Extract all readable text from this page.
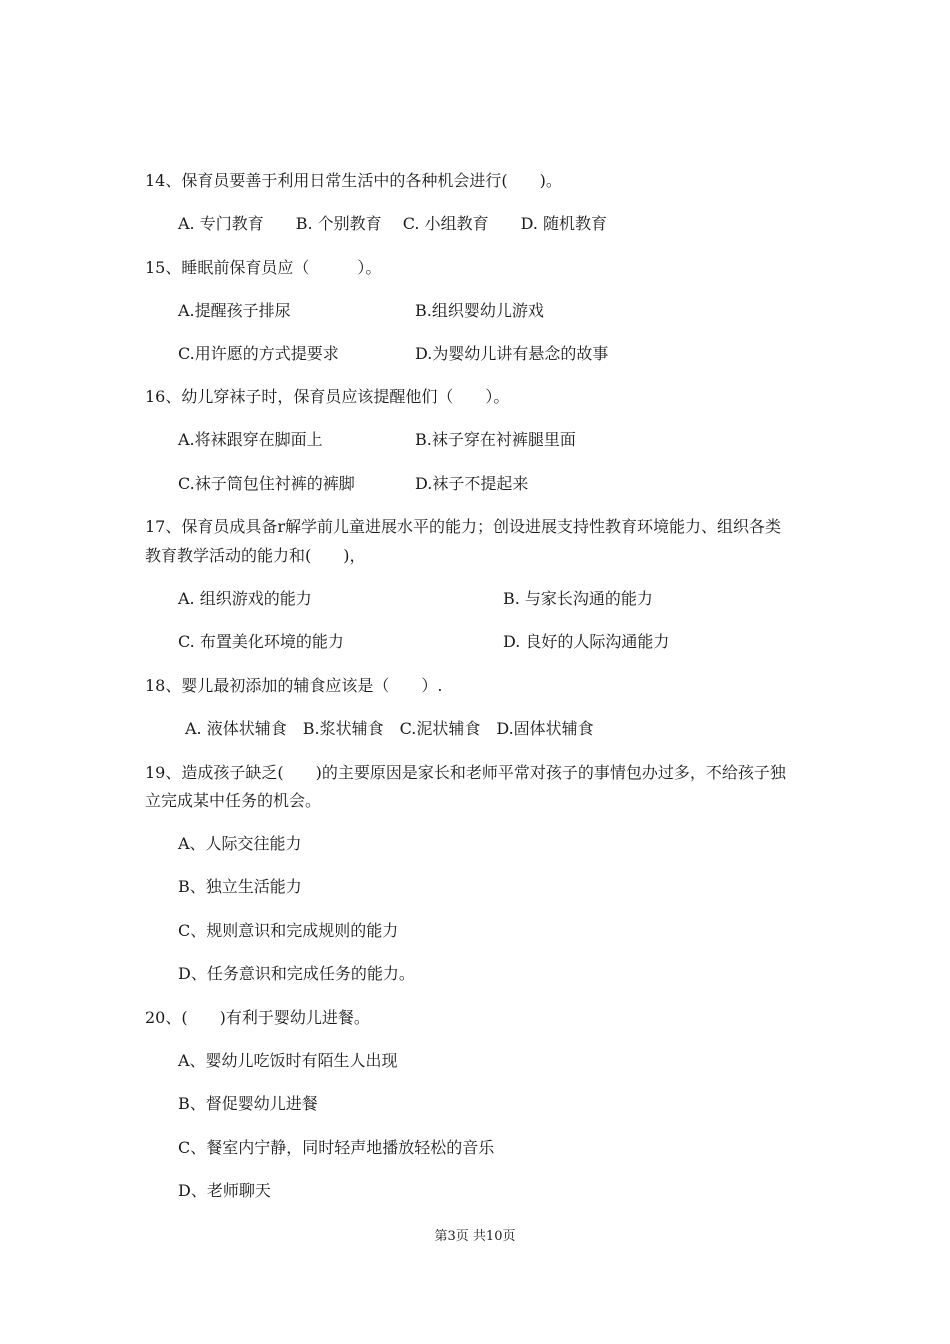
14、保育员要善于利用日常生活中的各种机会进行(　　)。
A. 专门教育　　B. 个别教育　 C. 小组教育　　D. 随机教育
15、睡眠前保育员应（　　　）。
A.提醒孩子排尿	B.组织婴幼儿游戏
C.用许愿的方式提要求	D.为婴幼儿讲有悬念的故事
16、幼儿穿袜子时，保育员应该提醒他们（　　）。
A.将袜跟穿在脚面上	B.袜子穿在衬裤腿里面
C.袜子筒包住衬裤的裤脚	D.袜子不提起来
17、保育员成具备r解学前儿童进展水平的能力；创设进展支持性教育环境能力、组织各类
教育教学活动的能力和(　　)，
A. 组织游戏的能力	B. 与家长沟通的能力
C. 布置美化环境的能力	D. 良好的人际沟通能力
18、婴儿最初添加的辅食应该是（　　）.
A. 液体状辅食　B.浆状辅食　C.泥状辅食　D.固体状辅食
19、造成孩子缺乏(　　)的主要原因是家长和老师平常对孩子的事情包办过多，不给孩子独
立完成某中任务的机会。
A、人际交往能力
B、独立生活能力
C、规则意识和完成规则的能力
D、任务意识和完成任务的能力。
20、(　　)有利于婴幼儿进餐。
A、婴幼儿吃饭时有陌生人出现
B、督促婴幼儿进餐
C、餐室内宁静，同时轻声地播放轻松的音乐
D、老师聊天
第3页 共10页
